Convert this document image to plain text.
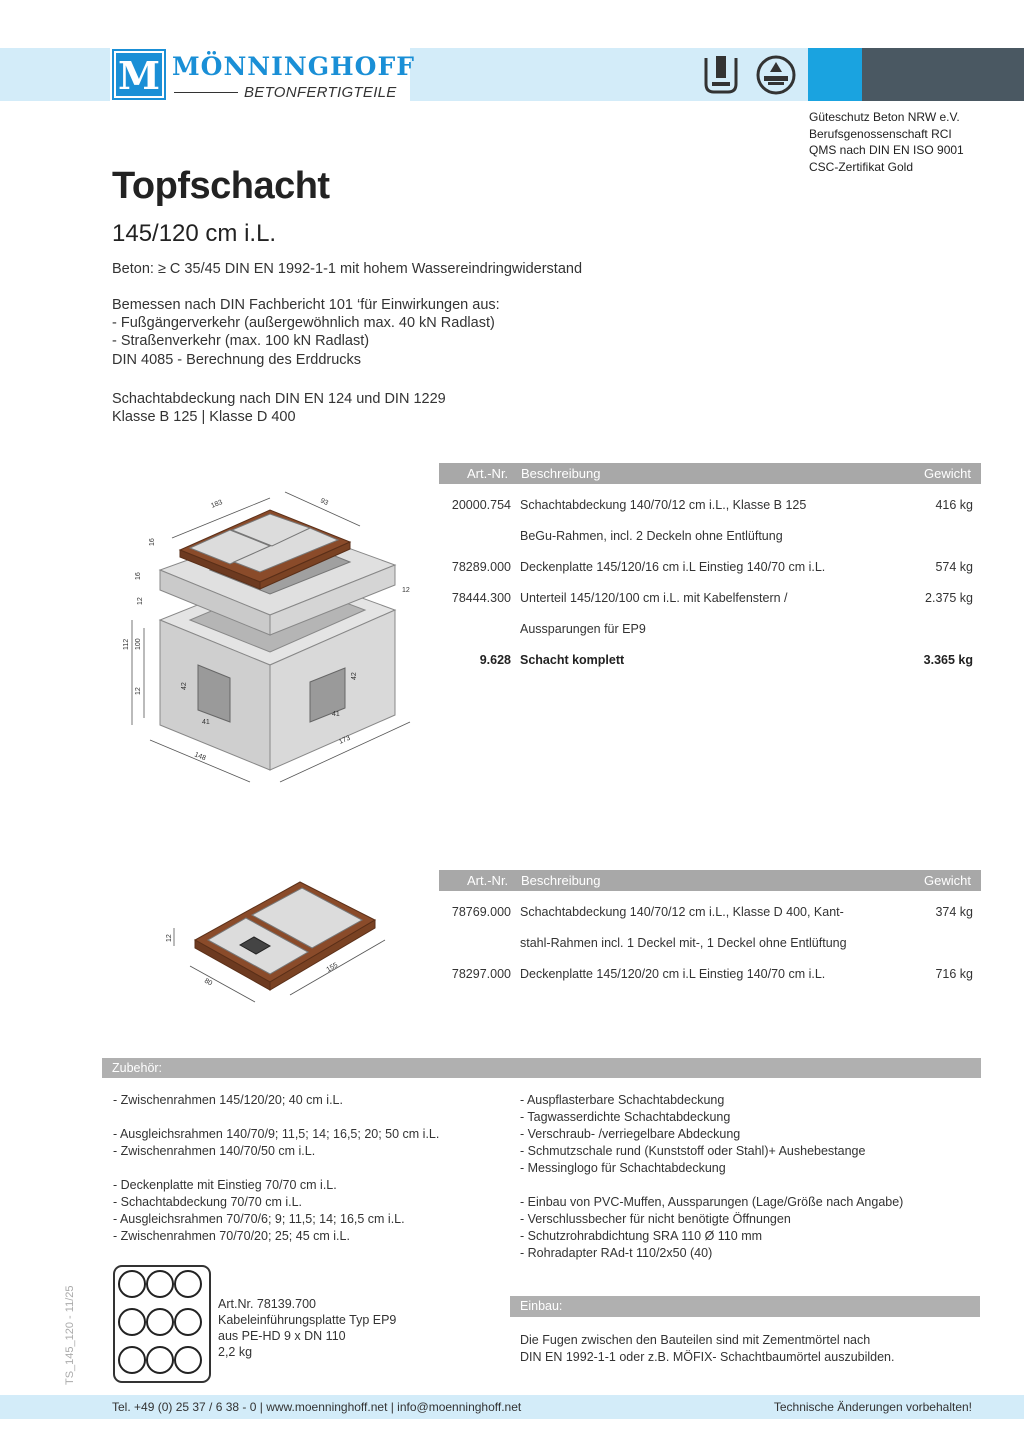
M MÖNNINGHOFF
BETONFERTIGTEILE
Güteschutz Beton NRW e.V.
Berufsgenossenschaft RCI
QMS nach DIN EN ISO 9001
CSC-Zertifikat Gold
Topfschacht
145/120 cm i.L.
Beton: ≥ C 35/45 DIN EN 1992-1-1 mit hohem Wassereindringwiderstand
Bemessen nach DIN Fachbericht 101 ‘für Einwirkungen aus:
- Fußgängerverkehr (außergewöhnlich max. 40 kN Radlast)
- Straßenverkehr (max. 100 kN Radlast)
DIN 4085 - Berechnung des Erddrucks
Schachtabdeckung nach DIN EN 124 und DIN 1229
Klasse B 125 | Klasse D 400
183	93
16
16
12
112 100
12
12
42
42
41
41
148
173
Art.-Nr. Beschreibung	Gewicht
20000.754 Schachtabdeckung 140/70/12 cm i.L., Klasse B 125	416 kg
BeGu-Rahmen, incl. 2 Deckeln ohne Entlüftung
78289.000 Deckenplatte 145/120/16 cm i.L Einstieg 140/70 cm i.L.	574 kg
78444.300 Unterteil 145/120/100 cm i.L. mit Kabelfenstern /	2.375 kg
Aussparungen für EP9
9.628 Schacht komplett	3.365 kg
12
80
155
Art.-Nr. Beschreibung	Gewicht
78769.000 Schachtabdeckung 140/70/12 cm i.L., Klasse D 400, Kant-	374 kg
stahl-Rahmen incl. 1 Deckel mit-, 1 Deckel ohne Entlüftung
78297.000 Deckenplatte 145/120/20 cm i.L Einstieg 140/70 cm i.L.	716 kg
Zubehör:
- Zwischenrahmen 145/120/20; 40 cm i.L.
- Ausgleichsrahmen 140/70/9; 11,5; 14; 16,5; 20; 50 cm i.L.
- Zwischenrahmen 140/70/50 cm i.L.
- Deckenplatte mit Einstieg 70/70 cm i.L.
- Schachtabdeckung 70/70 cm i.L.
- Ausgleichsrahmen 70/70/6; 9; 11,5; 14; 16,5 cm i.L.
- Zwischenrahmen 70/70/20; 25; 45 cm i.L.
- Auspflasterbare Schachtabdeckung
- Tagwasserdichte Schachtabdeckung
- Verschraub- /verriegelbare Abdeckung
- Schmutzschale rund (Kunststoff oder Stahl)+ Aushebestange
- Messinglogo für Schachtabdeckung
- Einbau von PVC-Muffen, Aussparungen (Lage/Größe nach Angabe)
- Verschlussbecher für nicht benötigte Öffnungen
- Schutzrohrabdichtung SRA 110 Ø 110 mm
- Rohradapter RAd-t 110/2x50 (40)
Art.Nr. 78139.700
Kabeleinführungsplatte Typ EP9
aus PE-HD 9 x DN 110
2,2 kg
Einbau:
Die Fugen zwischen den Bauteilen sind mit Zementmörtel nach
DIN EN 1992-1-1 oder z.B. MÖFIX- Schachtbaumörtel auszubilden.
TS_145_120 - 11/25
Tel. +49 (0) 25 37 / 6 38 - 0 | www.moenninghoff.net | info@moenninghoff.net	Technische Änderungen vorbehalten!
